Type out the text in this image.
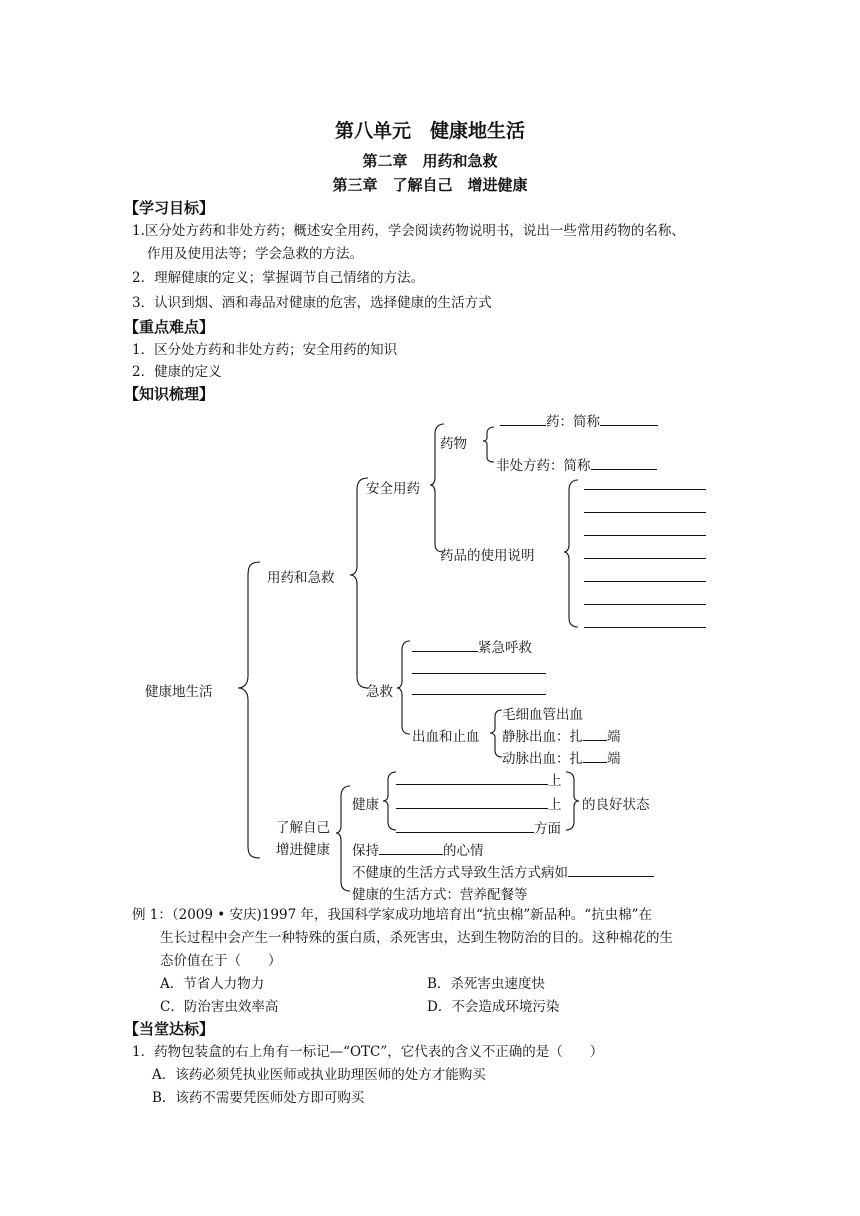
第八单元　健康地生活
第二章　用药和急救
第三章　了解自己　增进健康
【学习目标】
1.区分处方药和非处方药；概述安全用药，学会阅读药物说明书，说出一些常用药物的名称、
作用及使用法等；学会急救的方法。
2．理解健康的定义；掌握调节自己情绪的方法。
3．认识到烟、酒和毒品对健康的危害，选择健康的生活方式
【重点难点】
1．区分处方药和非处方药；安全用药的知识
2．健康的定义
【知识梳理】
健康地生活
用药和急救
安全用药
药物
药：简称
非处方药：简称
药品的使用说明
急救
紧急呼救
出血和止血
毛细血管出血
静脉出血：扎 端
动脉出血：扎 端
了解自己
增进健康
健康
上
上
方面
的良好状态
保持	的心情
不健康的生活方式导致生活方式病如
健康的生活方式：营养配餐等
例 1：（2009 • 安庆)1997 年，我国科学家成功地培育出“抗虫棉”新品种。“抗虫棉”在
生长过程中会产生一种特殊的蛋白质，杀死害虫，达到生物防治的目的。这种棉花的生
态价值在于（　　）
A．节省人力物力	B．杀死害虫速度快
C．防治害虫效率高	D．不会造成环境污染
【当堂达标】
1．药物包装盒的右上角有一标记—“OTC”，它代表的含义不正确的是（　　）
A．该药必须凭执业医师或执业助理医师的处方才能购买
B．该药不需要凭医师处方即可购买
